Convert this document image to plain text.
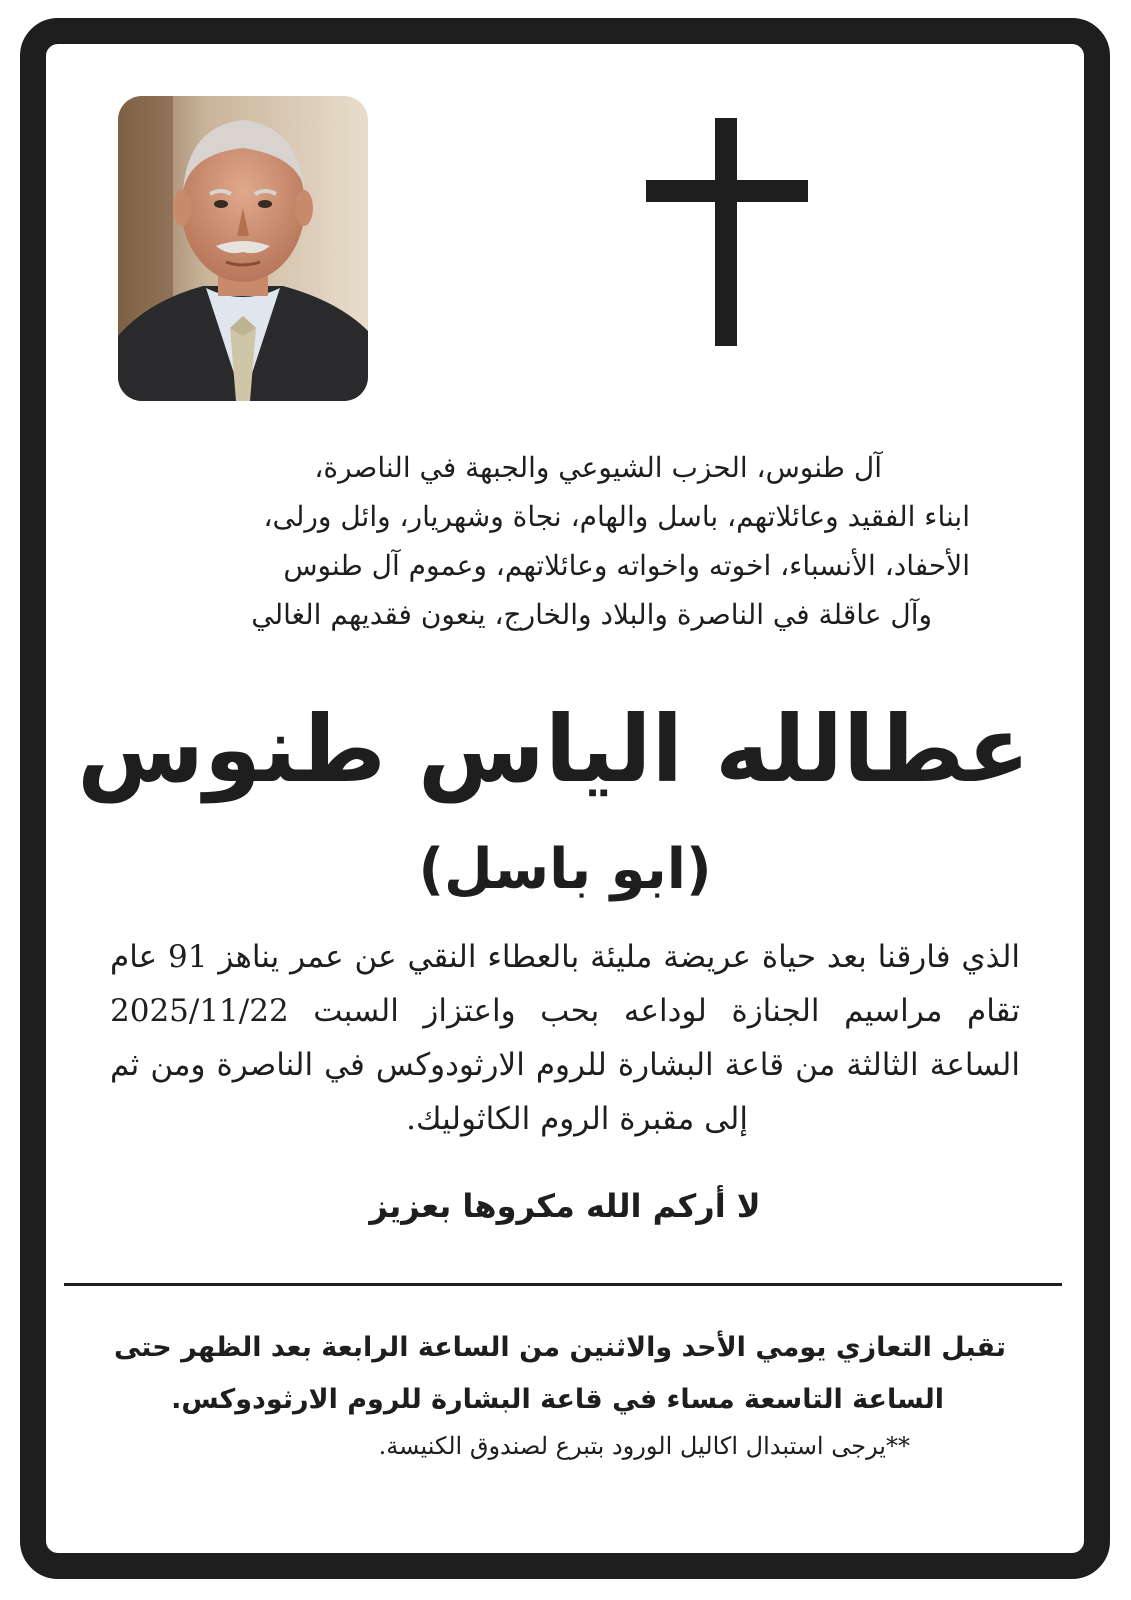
آل طنوس، الحزب الشيوعي والجبهة في الناصرة،
ابناء الفقيد وعائلاتهم، باسل والهام، نجاة وشهريار، وائل ورلى،
الأحفاد، الأنسباء، اخوته واخواته وعائلاتهم، وعموم آل طنوس
وآل عاقلة في الناصرة والبلاد والخارج، ينعون فقديهم الغالي
عطالله الياس طنوس
(ابو باسل)
الذي فارقنا بعد حياة عريضة مليئة بالعطاء النقي عن عمر يناهز 91 عام
تقام مراسيم الجنازة لوداعه بحب واعتزاز السبت 2025/11/22
الساعة الثالثة من قاعة البشارة للروم الارثودوكس في الناصرة ومن ثم
إلى مقبرة الروم الكاثوليك.
لا أركم الله مكروها بعزيز
تقبل التعازي يومي الأحد والاثنين من الساعة الرابعة بعد الظهر حتى
الساعة التاسعة مساء في قاعة البشارة للروم الارثودوكس.
**يرجى استبدال اكاليل الورود بتبرع لصندوق الكنيسة.
